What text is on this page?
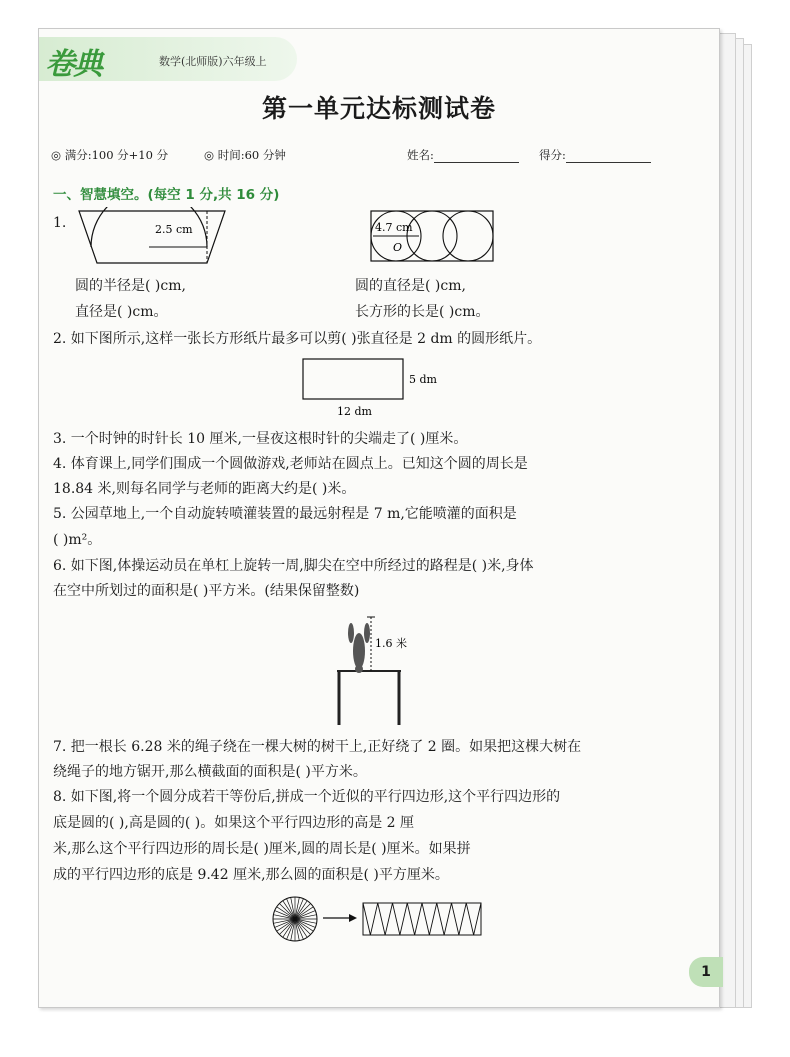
卷典	数学(北师版)六年级上
第一单元达标测试卷
◎ 满分:100 分+10 分	◎ 时间:60 分钟	姓名:	得分:
一、智慧填空。(每空 1 分,共 16 分)
1.	2.5 cm	4.7 cm
O
圆的半径是( )cm,
直径是( )cm。
圆的直径是( )cm,
长方形的长是( )cm。
2. 如下图所示,这样一张长方形纸片最多可以剪( )张直径是 2 dm 的圆形纸片。
5 dm
12 dm
3. 一个时钟的时针长 10 厘米,一昼夜这根时针的尖端走了( )厘米。
4. 体育课上,同学们围成一个圆做游戏,老师站在圆点上。已知这个圆的周长是
18.84 米,则每名同学与老师的距离大约是( )米。
5. 公园草地上,一个自动旋转喷灌装置的最远射程是 7 m,它能喷灌的面积是
( )m²。
6. 如下图,体操运动员在单杠上旋转一周,脚尖在空中所经过的路程是( )米,身体
在空中所划过的面积是( )平方米。(结果保留整数)
1.6 米
7. 把一根长 6.28 米的绳子绕在一棵大树的树干上,正好绕了 2 圈。如果把这棵大树在
绕绳子的地方锯开,那么横截面的面积是( )平方米。
8. 如下图,将一个圆分成若干等份后,拼成一个近似的平行四边形,这个平行四边形的
底是圆的( ),高是圆的( )。如果这个平行四边形的高是 2 厘
米,那么这个平行四边形的周长是( )厘米,圆的周长是( )厘米。如果拼
成的平行四边形的底是 9.42 厘米,那么圆的面积是( )平方厘米。
1
